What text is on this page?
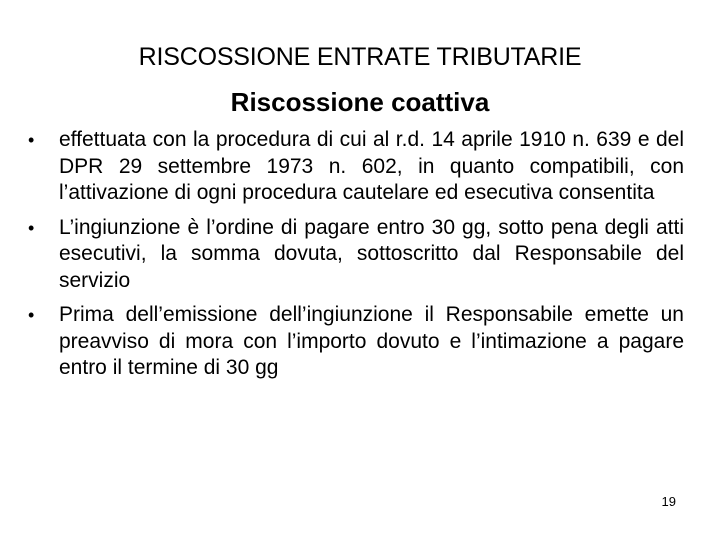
RISCOSSIONE ENTRATE TRIBUTARIE
Riscossione coattiva
• effettuata con la procedura di cui al r.d. 14 aprile 1910 n. 639 e del DPR 29 settembre 1973 n. 602, in quanto compatibili, con l’attivazione di ogni procedura cautelare ed esecutiva consentita
• L’ingiunzione è l’ordine di pagare entro 30 gg, sotto pena degli atti esecutivi, la somma dovuta, sottoscritto dal Responsabile del servizio
• Prima dell’emissione dell’ingiunzione il Responsabile emette un preavviso di mora con l’importo dovuto e l’intimazione a pagare entro il termine di 30 gg
19
